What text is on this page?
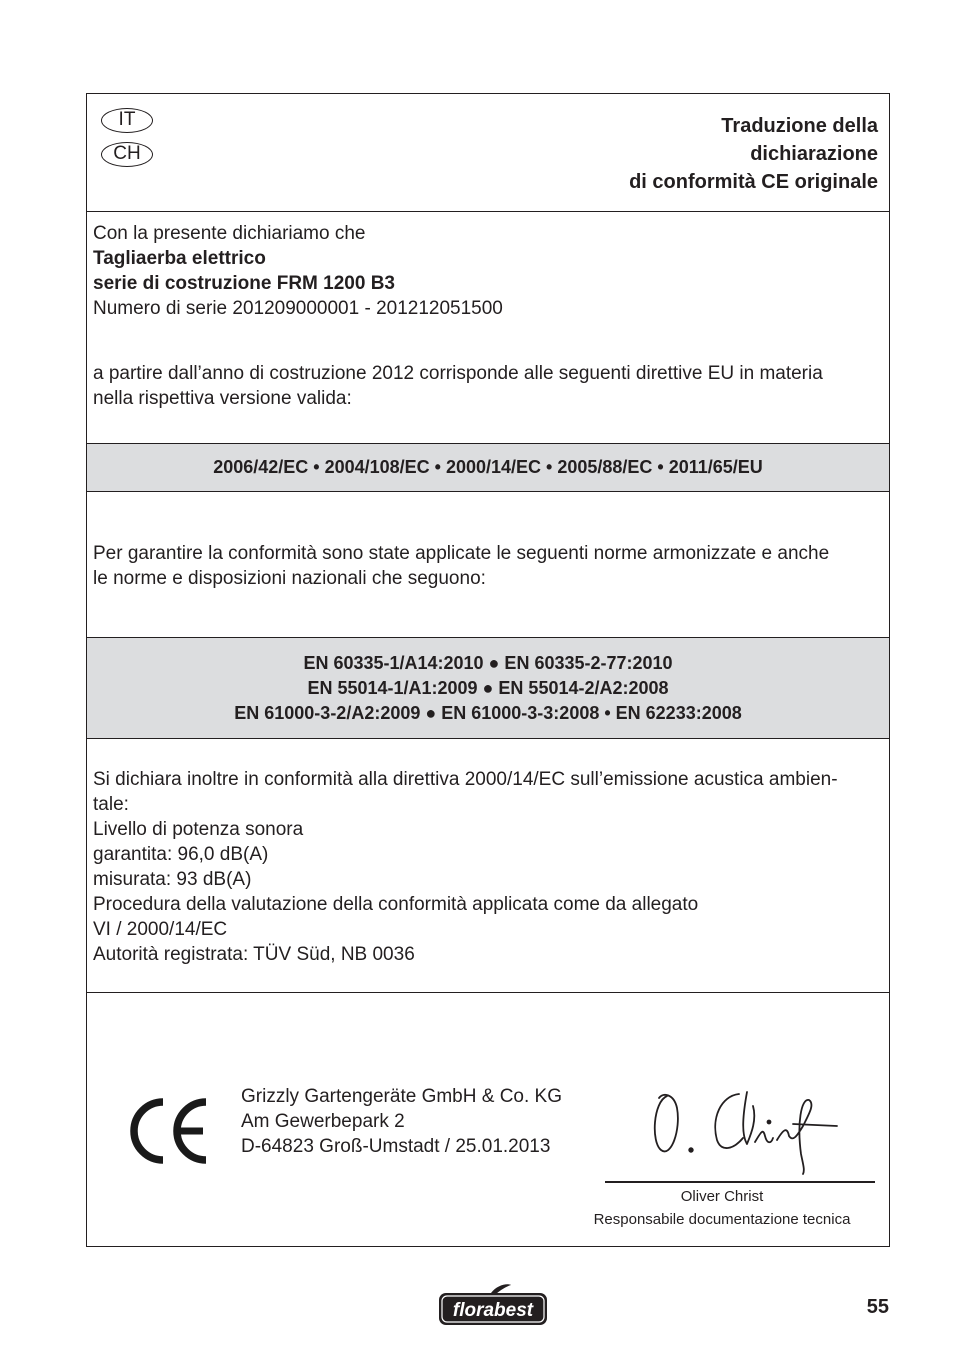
IT
CH
Traduzione della
dichiarazione
di conformità CE originale
Con la presente dichiariamo che
Tagliaerba elettrico
serie di costruzione FRM 1200 B3
Numero di serie 201209000001 - 201212051500
a partire dall’anno di costruzione 2012 corrisponde alle seguenti direttive EU in materia
nella rispettiva versione valida:
2006/42/EC • 2004/108/EC • 2000/14/EC • 2005/88/EC • 2011/65/EU
Per garantire la conformità sono state applicate le seguenti norme armonizzate e anche
le norme e disposizioni nazionali che seguono:
EN 60335-1/A14:2010 ● EN 60335-2-77:2010
EN 55014-1/A1:2009 ● EN 55014-2/A2:2008
EN 61000-3-2/A2:2009 ● EN 61000-3-3:2008 • EN 62233:2008
Si dichiara inoltre in conformità alla direttiva 2000/14/EC sull’emissione acustica ambien-
tale:
Livello di potenza sonora
garantita: 96,0 dB(A)
misurata: 93 dB(A)
Procedura della valutazione della conformità applicata come da allegato
VI / 2000/14/EC
Autorità registrata: TÜV Süd, NB 0036
Grizzly Gartengeräte GmbH & Co. KG
Am Gewerbepark 2
D-64823 Groß-Umstadt / 25.01.2013
Oliver Christ
Responsabile documentazione tecnica
florabest	55
